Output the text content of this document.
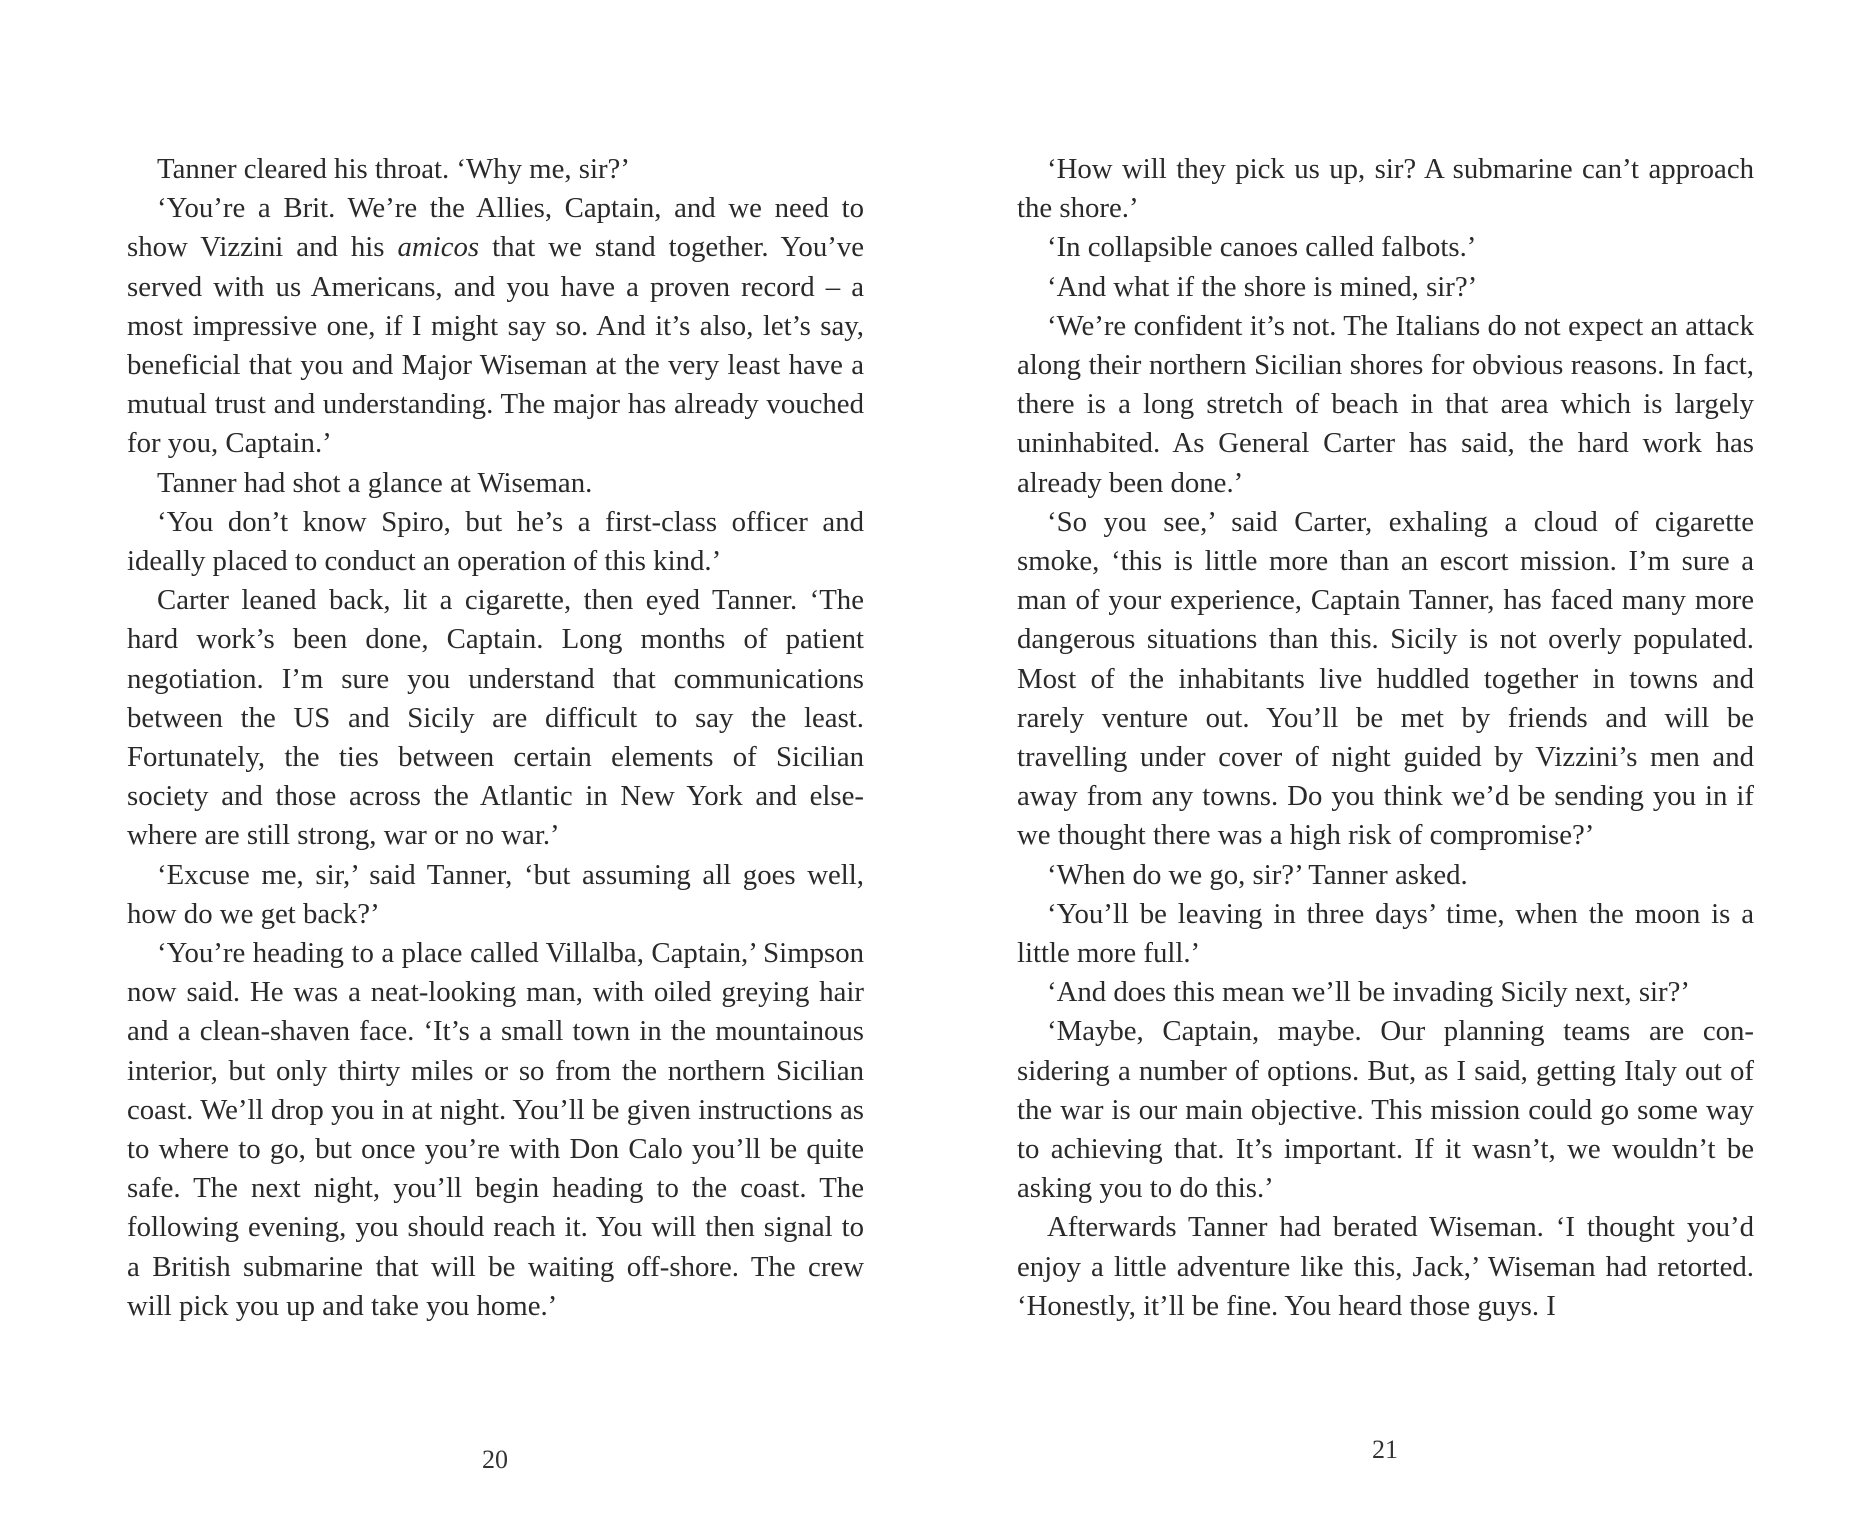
Tanner cleared his throat. ‘Why me, sir?’

‘You’re a Brit. We’re the Allies, Captain, and we need to show Vizzini and his amicos that we stand together. You’ve served with us Americans, and you have a proven record – a most impressive one, if I might say so. And it’s also, let’s say, beneficial that you and Major Wiseman at the very least have a mutual trust and understanding. The major has already vouched for you, Captain.’

Tanner had shot a glance at Wiseman.

‘You don’t know Spiro, but he’s a first-class officer and ideally placed to conduct an operation of this kind.’

Carter leaned back, lit a cigarette, then eyed Tanner. ‘The hard work’s been done, Captain. Long months of patient negotiation. I’m sure you understand that communications between the US and Sicily are difficult to say the least. Fortunately, the ties between certain elements of Sicilian society and those across the Atlantic in New York and elsewhere are still strong, war or no war.’

‘Excuse me, sir,’ said Tanner, ‘but assuming all goes well, how do we get back?’

‘You’re heading to a place called Villalba, Captain,’ Simpson now said. He was a neat-looking man, with oiled greying hair and a clean-shaven face. ‘It’s a small town in the mountainous interior, but only thirty miles or so from the northern Sicilian coast. We’ll drop you in at night. You’ll be given instructions as to where to go, but once you’re with Don Calo you’ll be quite safe. The next night, you’ll begin heading to the coast. The following evening, you should reach it. You will then signal to a British submarine that will be waiting off-shore. The crew will pick you up and take you home.’

‘How will they pick us up, sir? A submarine can’t approach the shore.’

‘In collapsible canoes called falbots.’

‘And what if the shore is mined, sir?’

‘We’re confident it’s not. The Italians do not expect an attack along their northern Sicilian shores for obvious reasons. In fact, there is a long stretch of beach in that area which is largely uninhabited. As General Carter has said, the hard work has already been done.’

‘So you see,’ said Carter, exhaling a cloud of cigarette smoke, ‘this is little more than an escort mission. I’m sure a man of your experience, Captain Tanner, has faced many more dangerous situations than this. Sicily is not overly populated. Most of the inhabitants live huddled together in towns and rarely venture out. You’ll be met by friends and will be travelling under cover of night guided by Vizzini’s men and away from any towns. Do you think we’d be sending you in if we thought there was a high risk of compromise?’

‘When do we go, sir?’ Tanner asked.

‘You’ll be leaving in three days’ time, when the moon is a little more full.’

‘And does this mean we’ll be invading Sicily next, sir?’

‘Maybe, Captain, maybe. Our planning teams are considering a number of options. But, as I said, getting Italy out of the war is our main objective. This mission could go some way to achieving that. It’s important. If it wasn’t, we wouldn’t be asking you to do this.’

Afterwards Tanner had berated Wiseman. ‘I thought you’d enjoy a little adventure like this, Jack,’ Wiseman had retorted. ‘Honestly, it’ll be fine. You heard those guys. I

20	21
